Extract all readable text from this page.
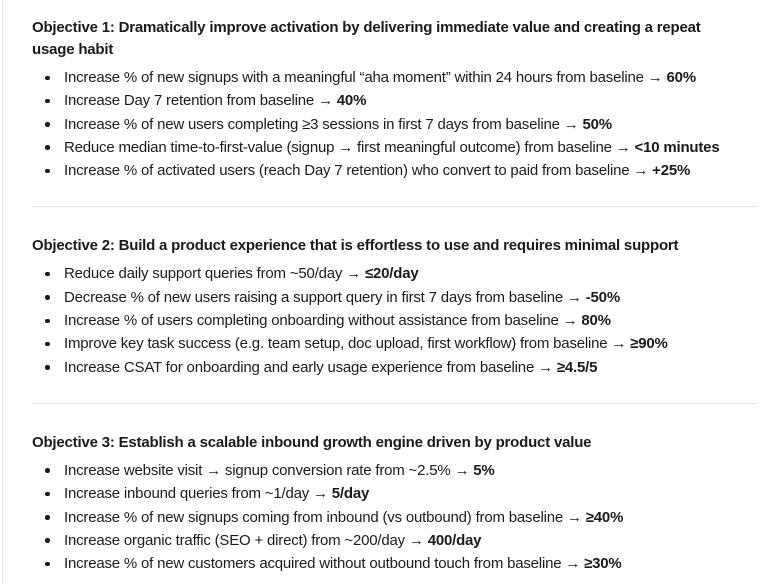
Objective 1: Dramatically improve activation by delivering immediate value and creating a repeat usage habit
Increase % of new signups with a meaningful “aha moment” within 24 hours from baseline → 60%
Increase Day 7 retention from baseline → 40%
Increase % of new users completing ≥3 sessions in first 7 days from baseline → 50%
Reduce median time-to-first-value (signup → first meaningful outcome) from baseline → <10 minutes
Increase % of activated users (reach Day 7 retention) who convert to paid from baseline → +25%
Objective 2: Build a product experience that is effortless to use and requires minimal support
Reduce daily support queries from ~50/day → ≤20/day
Decrease % of new users raising a support query in first 7 days from baseline → -50%
Increase % of users completing onboarding without assistance from baseline → 80%
Improve key task success (e.g. team setup, doc upload, first workflow) from baseline → ≥90%
Increase CSAT for onboarding and early usage experience from baseline → ≥4.5/5
Objective 3: Establish a scalable inbound growth engine driven by product value
Increase website visit → signup conversion rate from ~2.5% → 5%
Increase inbound queries from ~1/day → 5/day
Increase % of new signups coming from inbound (vs outbound) from baseline → ≥40%
Increase organic traffic (SEO + direct) from ~200/day → 400/day
Increase % of new customers acquired without outbound touch from baseline → ≥30%
